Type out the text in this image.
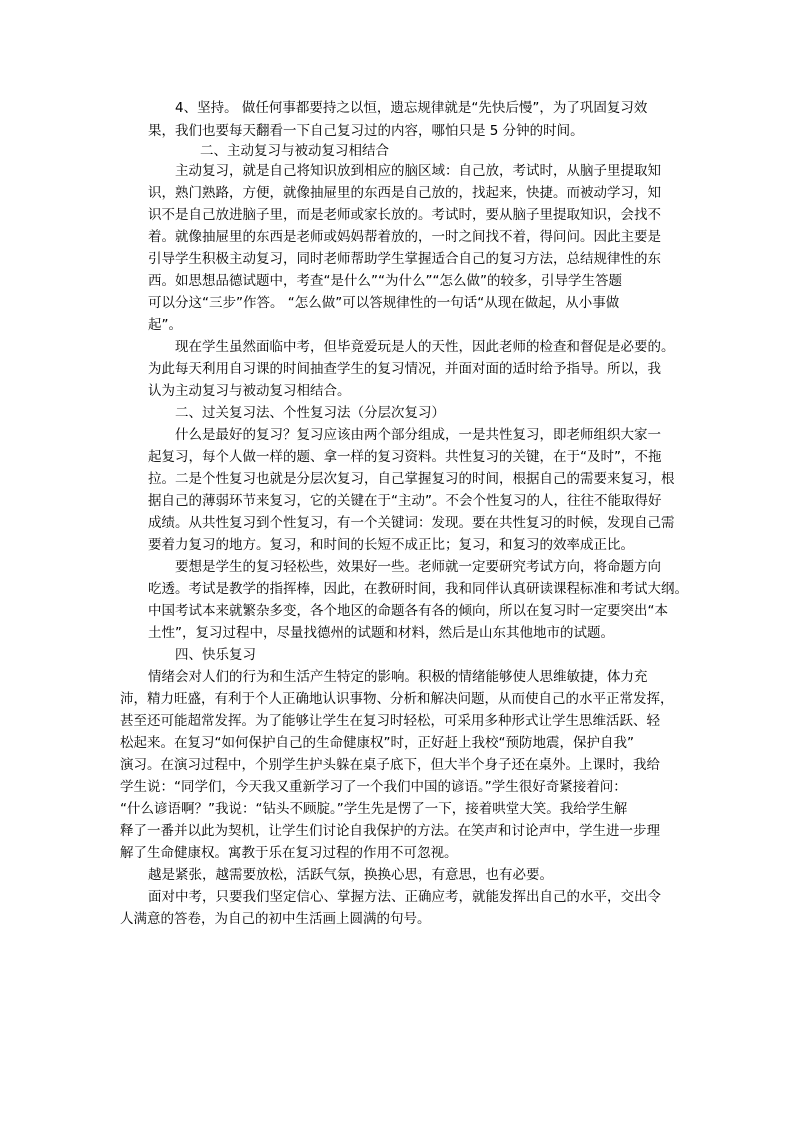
4、坚持。 做任何事都要持之以恒，遗忘规律就是“先快后慢”，为了巩固复习效
果，我们也要每天翻看一下自己复习过的内容，哪怕只是 5 分钟的时间。
二、主动复习与被动复习相结合
主动复习，就是自己将知识放到相应的脑区域：自己放，考试时，从脑子里提取知
识，熟门熟路，方便，就像抽屉里的东西是自己放的，找起来，快捷。而被动学习，知
识不是自己放进脑子里，而是老师或家长放的。考试时，要从脑子里提取知识，会找不
着。就像抽屉里的东西是老师或妈妈帮着放的，一时之间找不着，得问问。因此主要是
引导学生积极主动复习，同时老师帮助学生掌握适合自己的复习方法，总结规律性的东
西。如思想品德试题中，考查“是什么”“为什么”“怎么做”的较多，引导学生答题
可以分这“三步”作答。 “怎么做”可以答规律性的一句话“从现在做起，从小事做
起”。
现在学生虽然面临中考，但毕竟爱玩是人的天性，因此老师的检查和督促是必要的。
为此每天利用自习课的时间抽查学生的复习情况，并面对面的适时给予指导。所以，我
认为主动复习与被动复习相结合。
二、过关复习法、个性复习法（分层次复习）
什么是最好的复习？复习应该由两个部分组成，一是共性复习，即老师组织大家一
起复习，每个人做一样的题、拿一样的复习资料。共性复习的关键，在于“及时”，不拖
拉。二是个性复习也就是分层次复习，自己掌握复习的时间，根据自己的需要来复习，根
据自己的薄弱环节来复习，它的关键在于“主动”。不会个性复习的人，往往不能取得好
成绩。从共性复习到个性复习，有一个关键词：发现。要在共性复习的时候，发现自己需
要着力复习的地方。复习，和时间的长短不成正比；复习，和复习的效率成正比。
要想是学生的复习轻松些，效果好一些。老师就一定要研究考试方向，将命题方向
吃透。考试是教学的指挥棒，因此，在教研时间，我和同伴认真研读课程标准和考试大纲。
中国考试本来就繁杂多变，各个地区的命题各有各的倾向，所以在复习时一定要突出“本
土性”，复习过程中，尽量找德州的试题和材料，然后是山东其他地市的试题。
四、快乐复习
情绪会对人们的行为和生活产生特定的影响。积极的情绪能够使人思维敏捷，体力充
沛，精力旺盛，有利于个人正确地认识事物、分析和解决问题，从而使自己的水平正常发挥，
甚至还可能超常发挥。为了能够让学生在复习时轻松，可采用多种形式让学生思维活跃、轻
松起来。在复习“如何保护自己的生命健康权”时，正好赶上我校“预防地震，保护自我”
演习。在演习过程中，个别学生护头躲在桌子底下，但大半个身子还在桌外。上课时，我给
学生说：“同学们，今天我又重新学习了一个我们中国的谚语。”学生很好奇紧接着问：
“什么谚语啊？”我说：“钻头不顾腚。”学生先是愣了一下，接着哄堂大笑。我给学生解
释了一番并以此为契机，让学生们讨论自我保护的方法。在笑声和讨论声中，学生进一步理
解了生命健康权。寓教于乐在复习过程的作用不可忽视。
越是紧张，越需要放松，活跃气氛，换换心思，有意思，也有必要。
面对中考，只要我们坚定信心、掌握方法、正确应考，就能发挥出自己的水平，交出令
人满意的答卷，为自己的初中生活画上圆满的句号。
